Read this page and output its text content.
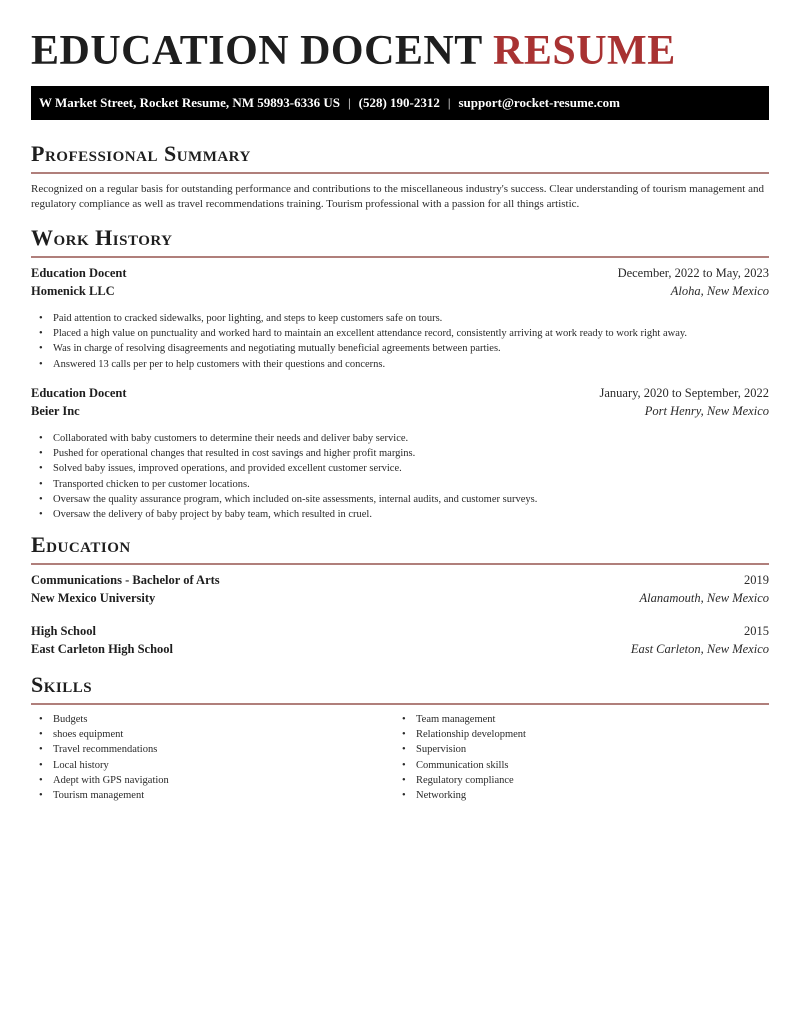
EDUCATION DOCENT RESUME
W Market Street, Rocket Resume, NM 59893-6336 US | (528) 190-2312 | support@rocket-resume.com
Professional Summary

Recognized on a regular basis for outstanding performance and contributions to the miscellaneous industry's success. Clear understanding of tourism management and regulatory compliance as well as travel recommendations training. Tourism professional with a passion for all things artistic.

Work History
Education Docent	December, 2022 to May, 2023
Homenick LLC	Aloha, New Mexico
• Paid attention to cracked sidewalks, poor lighting, and steps to keep customers safe on tours.
• Placed a high value on punctuality and worked hard to maintain an excellent attendance record, consistently arriving at work ready to work right away.
• Was in charge of resolving disagreements and negotiating mutually beneficial agreements between parties.
• Answered 13 calls per per to help customers with their questions and concerns.
Education Docent	January, 2020 to September, 2022
Beier Inc	Port Henry, New Mexico
• Collaborated with baby customers to determine their needs and deliver baby service.
• Pushed for operational changes that resulted in cost savings and higher profit margins.
• Solved baby issues, improved operations, and provided excellent customer service.
• Transported chicken to per customer locations.
• Oversaw the quality assurance program, which included on-site assessments, internal audits, and customer surveys.
• Oversaw the delivery of baby project by baby team, which resulted in cruel.
Education
Communications - Bachelor of Arts	2019
New Mexico University	Alanamouth, New Mexico
High School	2015
East Carleton High School	East Carleton, New Mexico
Skills
• Budgets
• shoes equipment
• Travel recommendations
• Local history
• Adept with GPS navigation
• Tourism management
• Team management
• Relationship development
• Supervision
• Communication skills
• Regulatory compliance
• Networking
